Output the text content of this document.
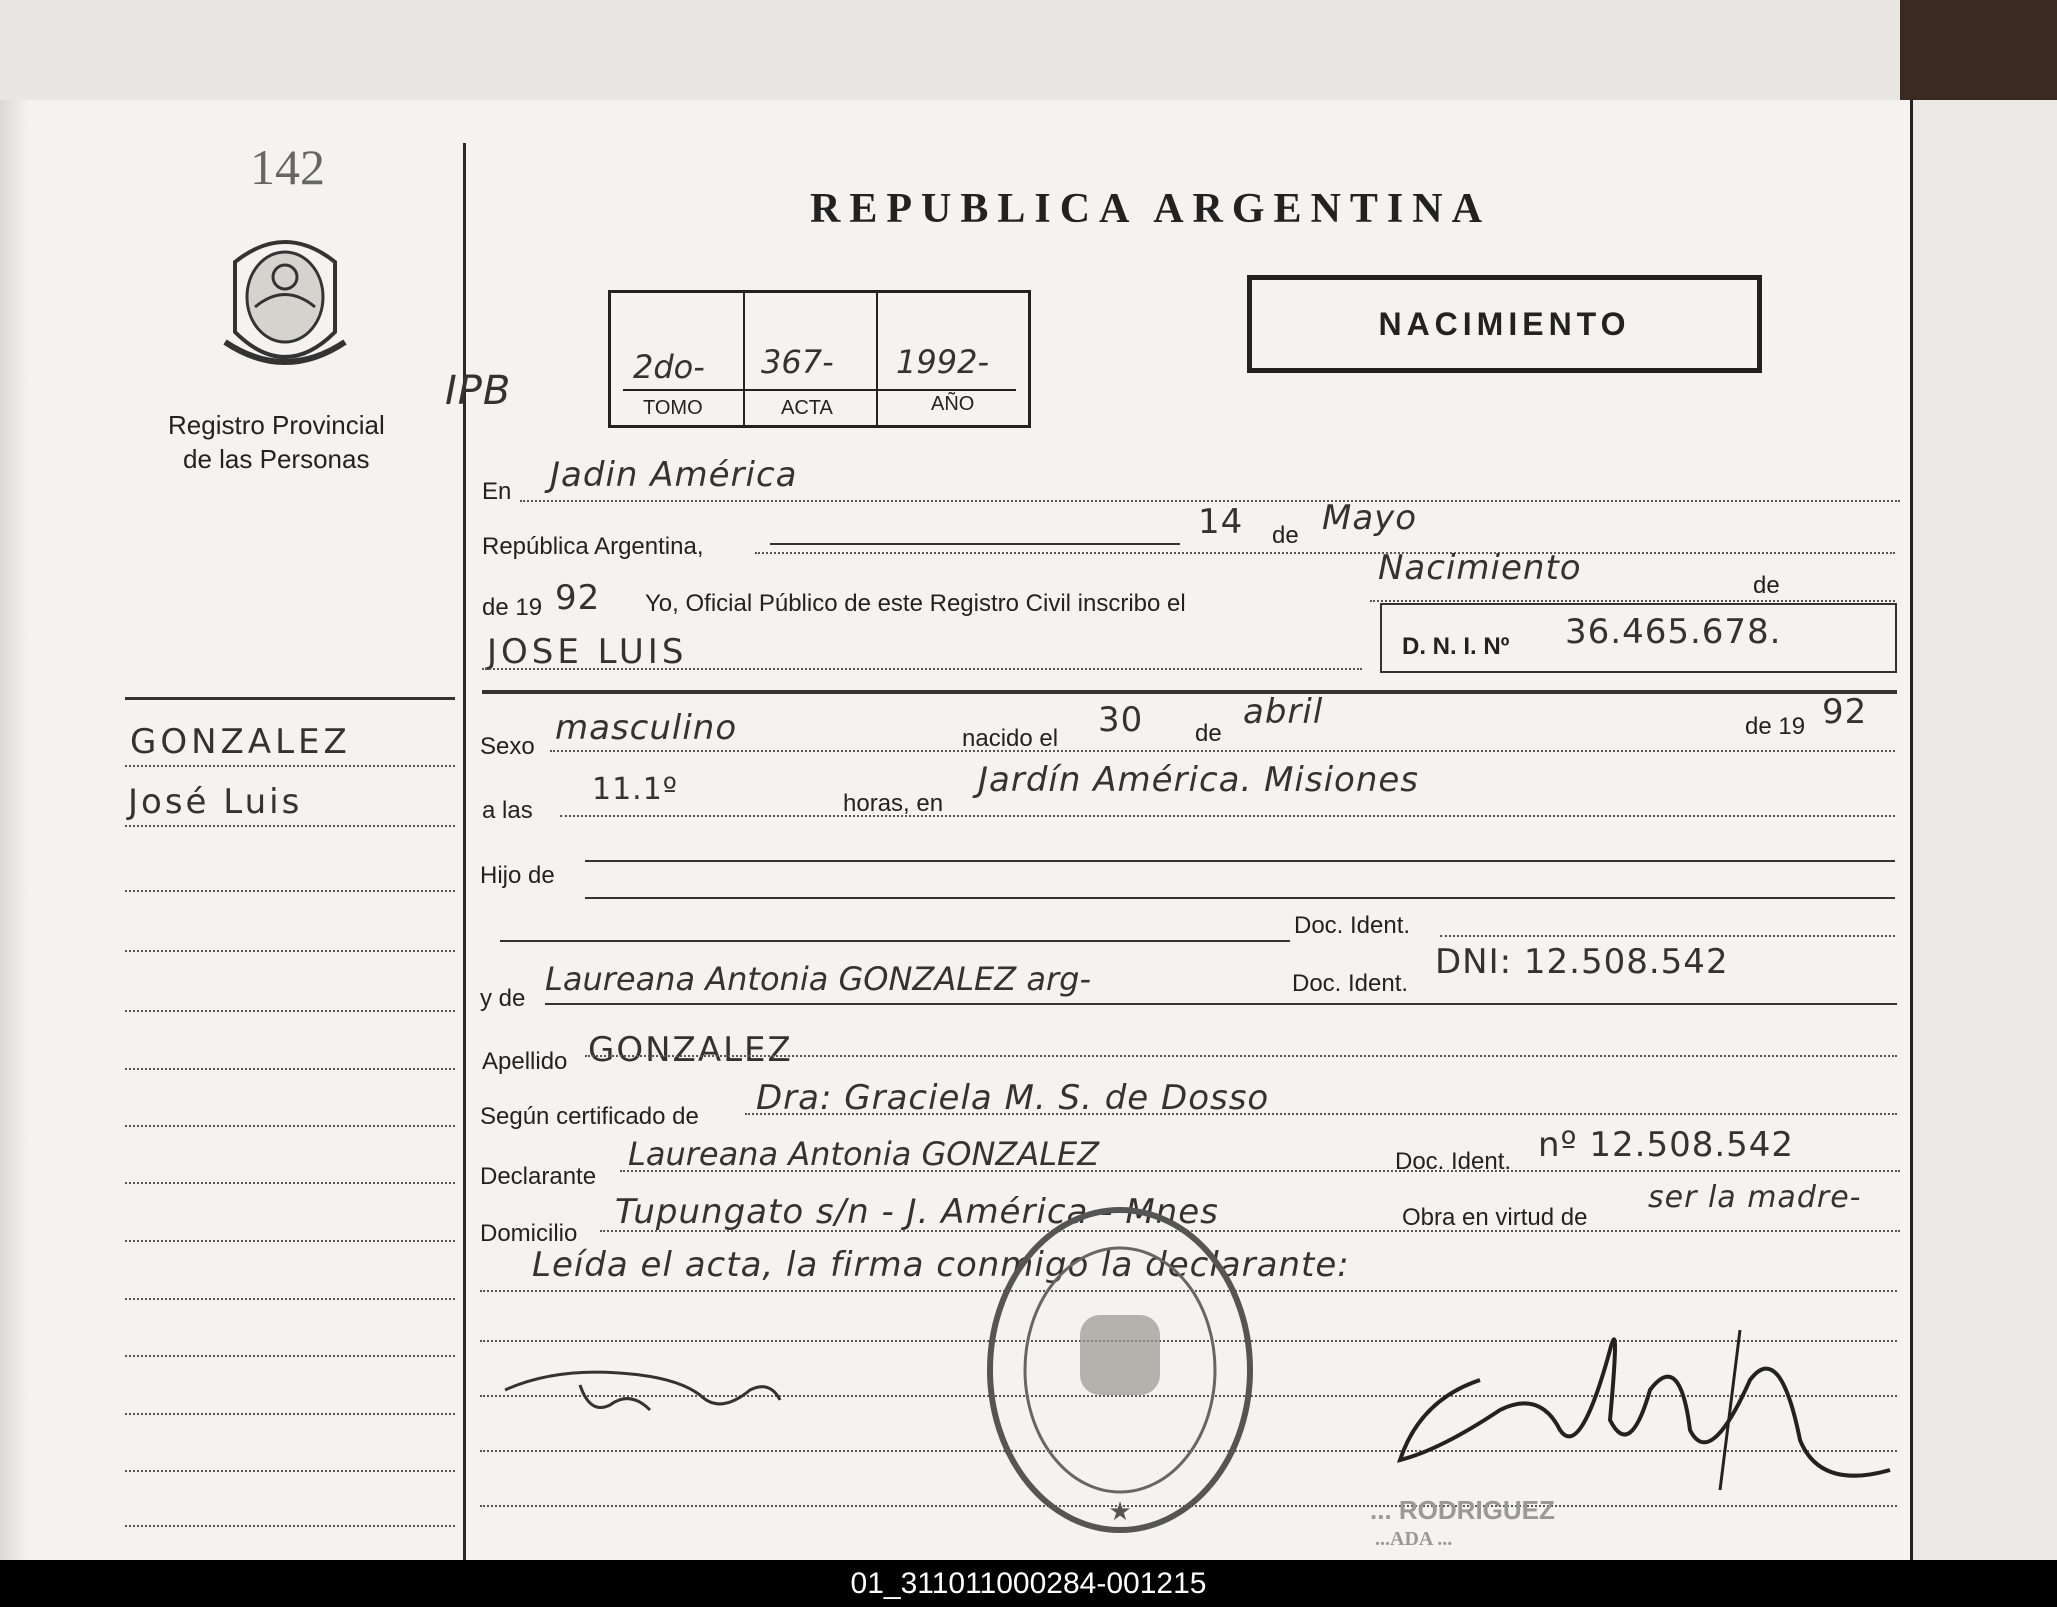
142
Registro Provincial
de las Personas
IPB
REPUBLICA ARGENTINA
NACIMIENTO
2do- 367- 1992-
TOMO	ACTA	AÑO
GONZALEZ
José Luis
En Jadin América
República Argentina,
14 de Mayo
de 19 92 Yo, Oficial Público de este Registro Civil inscribo el
Nacimiento	de
JOSE LUIS	D. N. I. Nº 36.465.678.
Sexo masculino	nacido el 30 de
abril	de 19 92
a las
11.1º	horas, en
Jardín América. Misiones
Hijo de
Doc. Ident.
y de
Laureana Antonia GONZALEZ arg-	Doc. Ident.
DNI: 12.508.542
Apellido GONZALEZ
Según certificado de Dra: Graciela M. S. de Dosso
Declarante
Laureana Antonia GONZALEZ	Doc. Ident. nº 12.508.542
Domicilio
Tupungato s/n - J. América - Mnes	Obra en virtud de
ser la madre-
Leída el acta, la firma conmigo la declarante:
★	... RODRIGUEZ
...ADA ...
01_311011000284-001215
